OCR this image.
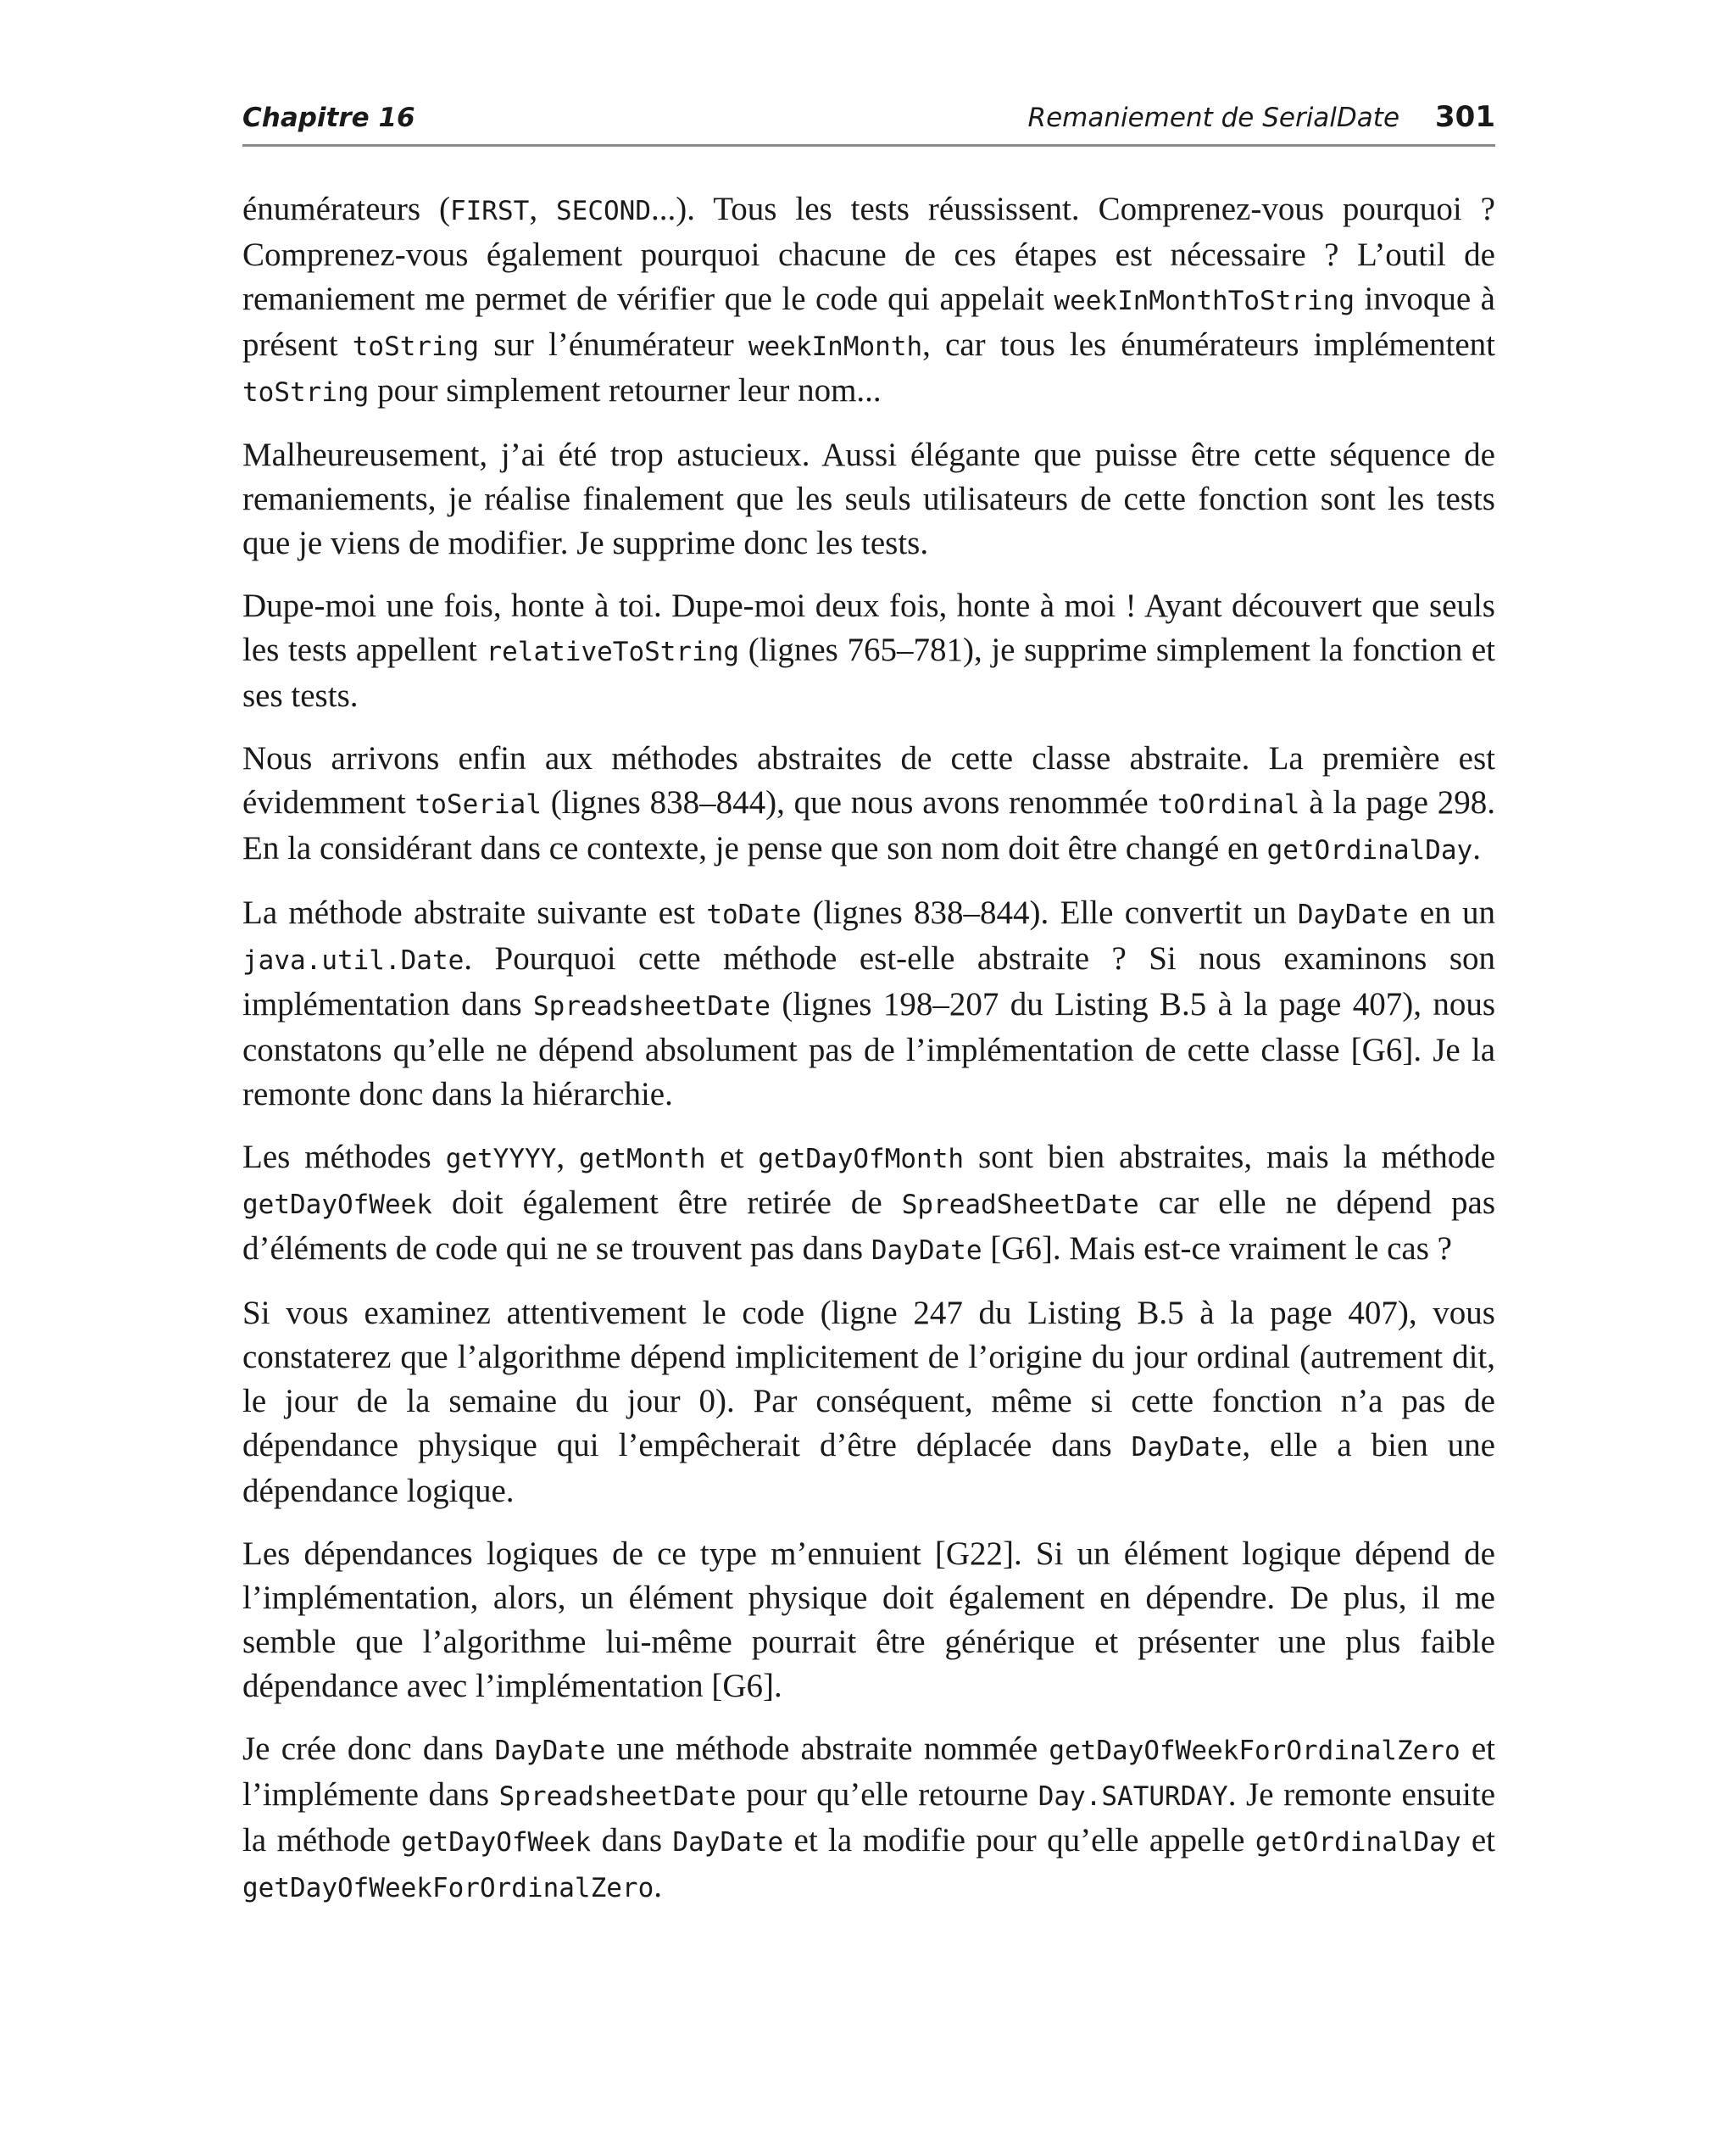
Chapitre 16	Remaniement de SerialDate 301

énumérateurs (FIRST, SECOND...). Tous les tests réussissent. Comprenez-vous pourquoi ? Comprenez-vous également pourquoi chacune de ces étapes est nécessaire ? L’outil de remaniement me permet de vérifier que le code qui appelait weekInMonthToString invoque à présent toString sur l’énumérateur weekInMonth, car tous les énumérateurs implémentent toString pour simplement retourner leur nom...

Malheureusement, j’ai été trop astucieux. Aussi élégante que puisse être cette séquence de remaniements, je réalise finalement que les seuls utilisateurs de cette fonction sont les tests que je viens de modifier. Je supprime donc les tests.

Dupe-moi une fois, honte à toi. Dupe-moi deux fois, honte à moi ! Ayant découvert que seuls les tests appellent relativeToString (lignes 765–781), je supprime simplement la fonction et ses tests.

Nous arrivons enfin aux méthodes abstraites de cette classe abstraite. La première est évidemment toSerial (lignes 838–844), que nous avons renommée toOrdinal à la page 298. En la considérant dans ce contexte, je pense que son nom doit être changé en getOrdinalDay.

La méthode abstraite suivante est toDate (lignes 838–844). Elle convertit un DayDate en un java.util.Date. Pourquoi cette méthode est-elle abstraite ? Si nous examinons son implémentation dans SpreadsheetDate (lignes 198–207 du Listing B.5 à la page 407), nous constatons qu’elle ne dépend absolument pas de l’implémentation de cette classe [G6]. Je la remonte donc dans la hiérarchie.

Les méthodes getYYYY, getMonth et getDayOfMonth sont bien abstraites, mais la méthode getDayOfWeek doit également être retirée de SpreadSheetDate car elle ne dépend pas d’éléments de code qui ne se trouvent pas dans DayDate [G6]. Mais est-ce vraiment le cas ?

Si vous examinez attentivement le code (ligne 247 du Listing B.5 à la page 407), vous constaterez que l’algorithme dépend implicitement de l’origine du jour ordinal (autrement dit, le jour de la semaine du jour 0). Par conséquent, même si cette fonction n’a pas de dépendance physique qui l’empêcherait d’être déplacée dans DayDate, elle a bien une dépendance logique.

Les dépendances logiques de ce type m’ennuient [G22]. Si un élément logique dépend de l’implémentation, alors, un élément physique doit également en dépendre. De plus, il me semble que l’algorithme lui-même pourrait être générique et présenter une plus faible dépendance avec l’implémentation [G6].

Je crée donc dans DayDate une méthode abstraite nommée getDayOfWeekForOrdinalZero et l’implémente dans SpreadsheetDate pour qu’elle retourne Day.SATURDAY. Je remonte ensuite la méthode getDayOfWeek dans DayDate et la modifie pour qu’elle appelle getOrdinalDay et getDayOfWeekForOrdinalZero.
